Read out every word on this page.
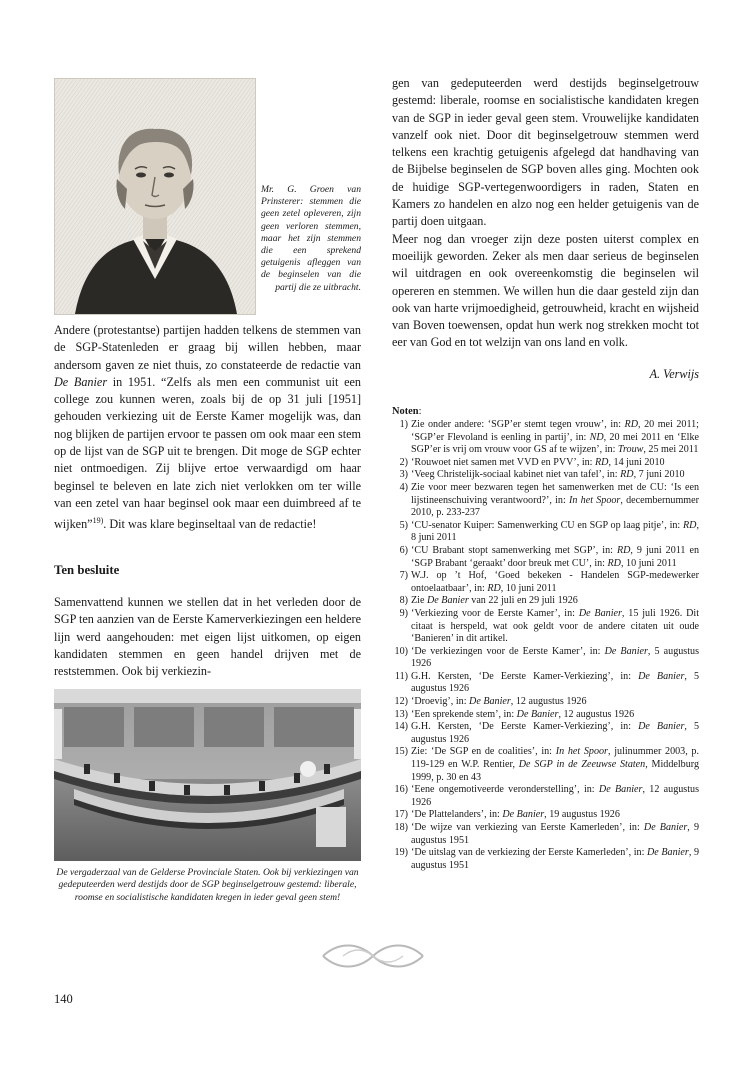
Mr. G. Groen van Prinsterer: stemmen die geen zetel opleveren, zijn geen verloren stemmen, maar het zijn stemmen die een sprekend getuigenis afleggen van de beginselen van die partij die ze uitbracht.

Andere (protestantse) partijen hadden telkens de stemmen van de SGP-Statenleden er graag bij willen hebben, maar andersom gaven ze niet thuis, zo constateerde de redactie van De Banier in 1951. “Zelfs als men een communist uit een college zou kunnen weren, zoals bij de op 31 juli [1951] gehouden verkiezing uit de Eerste Kamer mogelijk was, dan nog blijken de partijen ervoor te passen om ook maar een stem op de lijst van de SGP uit te brengen. Dit moge de SGP echter niet ontmoedigen. Zij blijve ertoe verwaardigd om haar beginsel te beleven en late zich niet verlokken om ter wille van een zetel van haar beginsel ook maar een duimbreed af te wijken”$^{19)}$. Dit was klare beginseltaal van de redactie!

Ten besluite
Samenvattend kunnen we stellen dat in het verleden door de SGP ten aanzien van de Eerste Kamerverkiezingen een heldere lijn werd aangehouden: met eigen lijst uitkomen, op eigen kandidaten stemmen en geen handel drijven met de reststemmen. Ook bij verkiezin-
De vergaderzaal van de Gelderse Provinciale Staten. Ook bij verkiezingen van gedeputeerden werd destijds door de SGP beginselgetrouw gestemd: liberale, roomse en socialistische kandidaten kregen in ieder geval geen stem!

gen van gedeputeerden werd destijds beginselgetrouw gestemd: liberale, roomse en socialistische kandidaten kregen van de SGP in ieder geval geen stem. Vrouwelijke kandidaten vanzelf ook niet. Door dit beginselgetrouw stemmen werd telkens een krachtig getuigenis afgelegd dat handhaving van de Bijbelse beginselen de SGP boven alles ging. Mochten ook de huidige SGP-vertegenwoordigers in raden, Staten en Kamers zo handelen en alzo nog een helder getuigenis van de partij doen uitgaan.

Meer nog dan vroeger zijn deze posten uiterst complex en moeilijk geworden. Zeker als men daar serieus de beginselen wil uitdragen en ook overeenkomstig die beginselen wil opereren en stemmen. We willen hun die daar gesteld zijn dan ook van harte vrijmoedigheid, getrouwheid, kracht en wijsheid van Boven toewensen, opdat hun werk nog strekken mocht tot eer van God en tot welzijn van ons land en volk.

A. Verwijs
Noten:
1) Zie onder andere: ‘SGP’er stemt tegen vrouw’, in: RD, 20 mei 2011; ‘SGP’er Flevoland is eenling in partij’, in: ND, 20 mei 2011 en ‘Elke SGP’er is vrij om vrouw voor GS af te wijzen’, in: Trouw, 25 mei 2011
2) ‘Rouwoet niet samen met VVD en PVV’, in: RD, 14 juni 2010
3) ‘Veeg Christelijk-sociaal kabinet niet van tafel’, in: RD, 7 juni 2010
4) Zie voor meer bezwaren tegen het samenwerken met de CU: ‘Is een lijstineenschuiving verantwoord?’, in: In het Spoor, decembernummer 2010, p. 233-237
5) ‘CU-senator Kuiper: Samenwerking CU en SGP op laag pitje’, in: RD, 8 juni 2011
6) ‘CU Brabant stopt samenwerking met SGP’, in: RD, 9 juni 2011 en ‘SGP Brabant ‘geraakt’ door breuk met CU’, in: RD, 10 juni 2011
7) W.J. op ’t Hof, ‘Goed bekeken - Handelen SGP-medewerker ontoelaatbaar’, in: RD, 10 juni 2011
8) Zie De Banier van 22 juli en 29 juli 1926
9) ‘Verkiezing voor de Eerste Kamer’, in: De Banier, 15 juli 1926. Dit citaat is herspeld, wat ook geldt voor de andere citaten uit oude ‘Banieren’ in dit artikel.
10) ‘De verkiezingen voor de Eerste Kamer’, in: De Banier, 5 augustus 1926
11) G.H. Kersten, ‘De Eerste Kamer-Verkiezing’, in: De Banier, 5 augustus 1926
12) ‘Droevig’, in: De Banier, 12 augustus 1926
13) ‘Een sprekende stem’, in: De Banier, 12 augustus 1926
14) G.H. Kersten, ‘De Eerste Kamer-Verkiezing’, in: De Banier, 5 augustus 1926
15) Zie: ‘De SGP en de coalities’, in: In het Spoor, julinummer 2003, p. 119-129 en W.P. Rentier, De SGP in de Zeeuwse Staten, Middelburg 1999, p. 30 en 43
16) ‘Eene ongemotiveerde veronderstelling’, in: De Banier, 12 augustus 1926
17) ‘De Plattelanders’, in: De Banier, 19 augustus 1926
18) ‘De wijze van verkiezing van Eerste Kamerleden’, in: De Banier, 9 augustus 1951
19) ‘De uitslag van de verkiezing der Eerste Kamerleden’, in: De Banier, 9 augustus 1951
140
